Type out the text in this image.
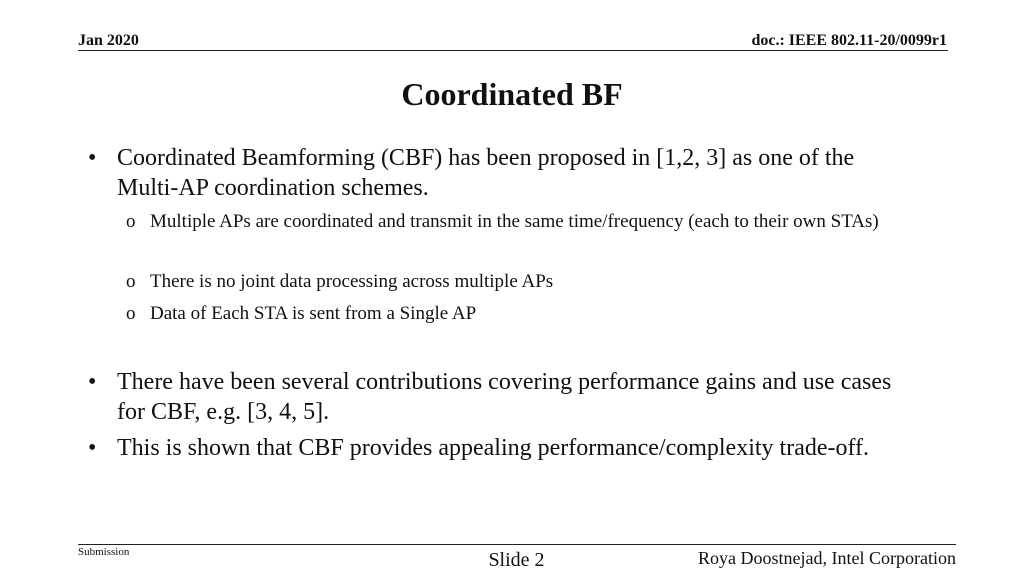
Jan 2020	doc.: IEEE 802.11-20/0099r1
Coordinated BF
• Coordinated Beamforming (CBF) has been proposed in [1,2, 3] as one of the Multi-AP coordination schemes.
o Multiple APs are coordinated and transmit in the same time/frequency (each to their own STAs)
o There is no joint data processing across multiple APs
o Data of Each STA is sent from a Single AP
• There have been several contributions covering performance gains and use cases for CBF, e.g. [3, 4, 5].
• This is shown that CBF provides appealing performance/complexity trade-off.
Submission	Slide 2	Roya Doostnejad, Intel Corporation
